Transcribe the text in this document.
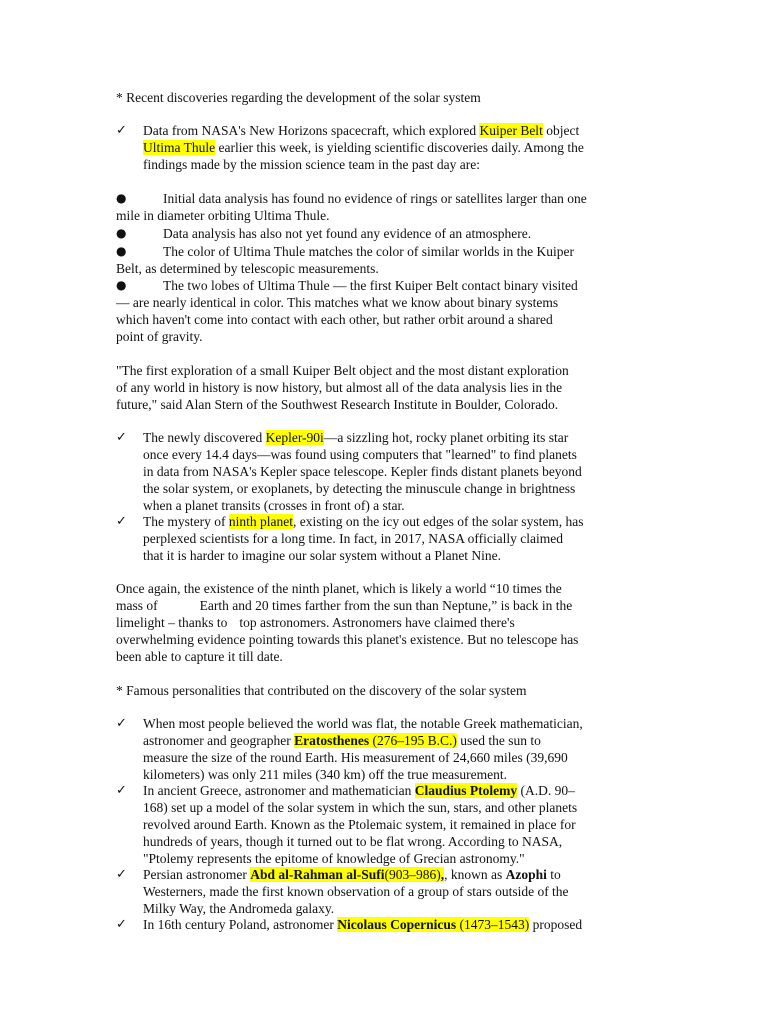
* Recent discoveries regarding the development of the solar system
✓ Data from NASA's New Horizons spacecraft, which explored Kuiper Belt object
Ultima Thule earlier this week, is yielding scientific discoveries daily. Among the
findings made by the mission science team in the past day are:
●	Initial data analysis has found no evidence of rings or satellites larger than one
mile in diameter orbiting Ultima Thule.
●	Data analysis has also not yet found any evidence of an atmosphere.
●	The color of Ultima Thule matches the color of similar worlds in the Kuiper
Belt, as determined by telescopic measurements.
●	The two lobes of Ultima Thule — the first Kuiper Belt contact binary visited
— are nearly identical in color. This matches what we know about binary systems
which haven't come into contact with each other, but rather orbit around a shared
point of gravity.
"The first exploration of a small Kuiper Belt object and the most distant exploration
of any world in history is now history, but almost all of the data analysis lies in the
future," said Alan Stern of the Southwest Research Institute in Boulder, Colorado.
✓ The newly discovered Kepler-90i—a sizzling hot, rocky planet orbiting its star
once every 14.4 days—was found using computers that "learned" to find planets
in data from NASA's Kepler space telescope. Kepler finds distant planets beyond
the solar system, or exoplanets, by detecting the minuscule change in brightness
when a planet transits (crosses in front of) a star.
✓ The mystery of ninth planet, existing on the icy out edges of the solar system, has
perplexed scientists for a long time. In fact, in 2017, NASA officially claimed
that it is harder to imagine our solar system without a Planet Nine.
Once again, the existence of the ninth planet, which is likely a world “10 times the
mass of	Earth and 20 times farther from the sun than Neptune,” is back in the
limelight – thanks to top astronomers. Astronomers have claimed there's
overwhelming evidence pointing towards this planet's existence. But no telescope has
been able to capture it till date.
* Famous personalities that contributed on the discovery of the solar system
✓ When most people believed the world was flat, the notable Greek mathematician,
astronomer and geographer Eratosthenes (276–195 B.C.) used the sun to
measure the size of the round Earth. His measurement of 24,660 miles (39,690
kilometers) was only 211 miles (340 km) off the true measurement.
✓ In ancient Greece, astronomer and mathematician Claudius Ptolemy (A.D. 90–
168) set up a model of the solar system in which the sun, stars, and other planets
revolved around Earth. Known as the Ptolemaic system, it remained in place for
hundreds of years, though it turned out to be flat wrong. According to NASA,
"Ptolemy represents the epitome of knowledge of Grecian astronomy."
✓ Persian astronomer Abd al-Rahman al-Sufi(903–986),, known as Azophi to
Westerners, made the first known observation of a group of stars outside of the
Milky Way, the Andromeda galaxy.
✓ In 16th century Poland, astronomer Nicolaus Copernicus (1473–1543) proposed
